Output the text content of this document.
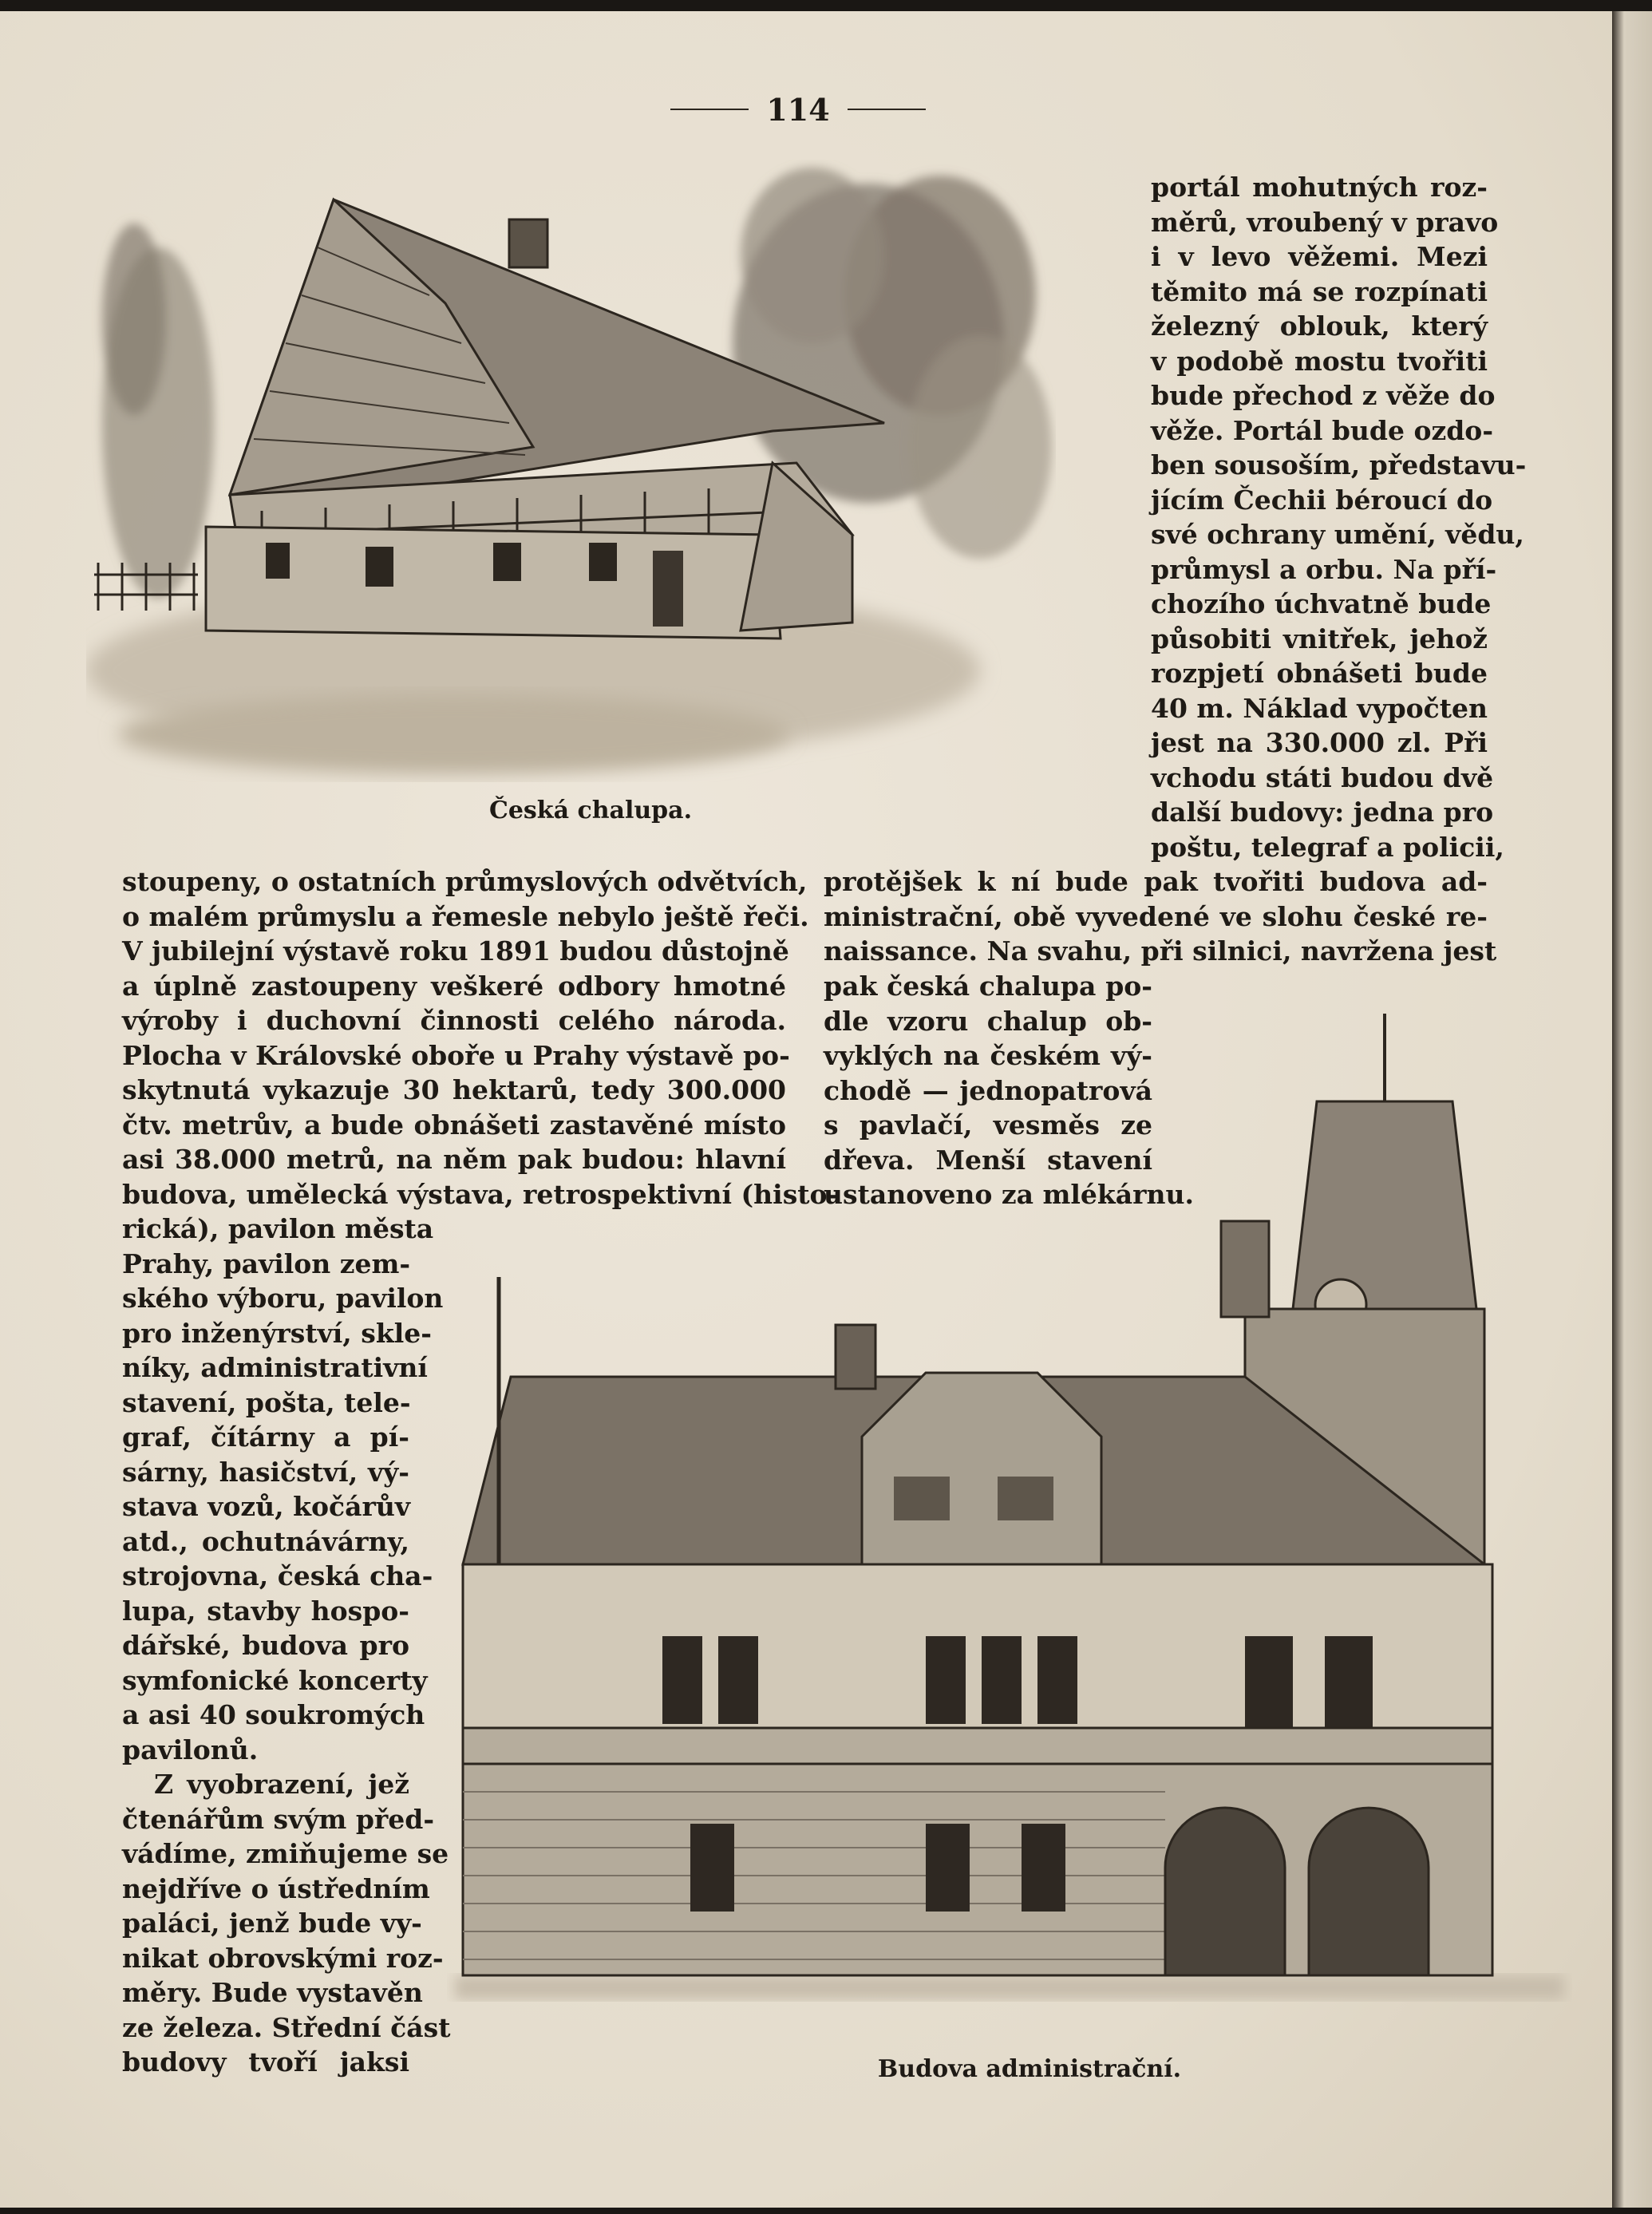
114
Česká chalupa.
Budova administrační.
portál mohutných roz-
měrů, vroubený v pravo
i v levo věžemi. Mezi
těmito má se rozpínati
železný oblouk, který
v podobě mostu tvořiti
bude přechod z věže do
věže. Portál bude ozdo-
ben sousoším, představu-
jícím Čechii béroucí do
své ochrany umění, vědu,
průmysl a orbu. Na pří-
chozího úchvatně bude
působiti vnitřek, jehož
rozpjetí obnášeti bude
40 m. Náklad vypočten
jest na 330.000 zl. Při
vchodu státi budou dvě
další budovy: jedna pro
poštu, telegraf a policii,
protějšek k ní bude pak tvořiti budova ad-
ministrační, obě vyvedené ve slohu české re-
naissance. Na svahu, při silnici, navržena jest
pak česká chalupa po-
dle vzoru chalup ob-
vyklých na českém vý-
chodě — jednopatrová
s pavlačí, vesměs ze
dřeva. Menší stavení
ustanoveno za mlékárnu.
stoupeny, o ostatních průmyslových odvětvích,
o malém průmyslu a řemesle nebylo ještě řeči.
V jubilejní výstavě roku 1891 budou důstojně
a úplně zastoupeny veškeré odbory hmotné
výroby i duchovní činnosti celého národa.
Plocha v Královské oboře u Prahy výstavě po-
skytnutá vykazuje 30 hektarů, tedy 300.000
čtv. metrův, a bude obnášeti zastavěné místo
asi 38.000 metrů, na něm pak budou: hlavní
budova, umělecká výstava, retrospektivní (histo-
rická), pavilon města
Prahy, pavilon zem-
ského výboru, pavilon
pro inženýrství, skle-
níky, administrativní
stavení, pošta, tele-
graf, čítárny a pí-
sárny, hasičství, vý-
stava vozů, kočárův
atd., ochutnávárny,
strojovna, česká cha-
lupa, stavby hospo-
dářské, budova pro
symfonické koncerty
a asi 40 soukromých
pavilonů.
Z vyobrazení, jež
čtenářům svým před-
vádíme, zmiňujeme se
nejdříve o ústředním
paláci, jenž bude vy-
nikat obrovskými roz-
měry. Bude vystavěn
ze železa. Střední část
budovy tvoří jaksi
